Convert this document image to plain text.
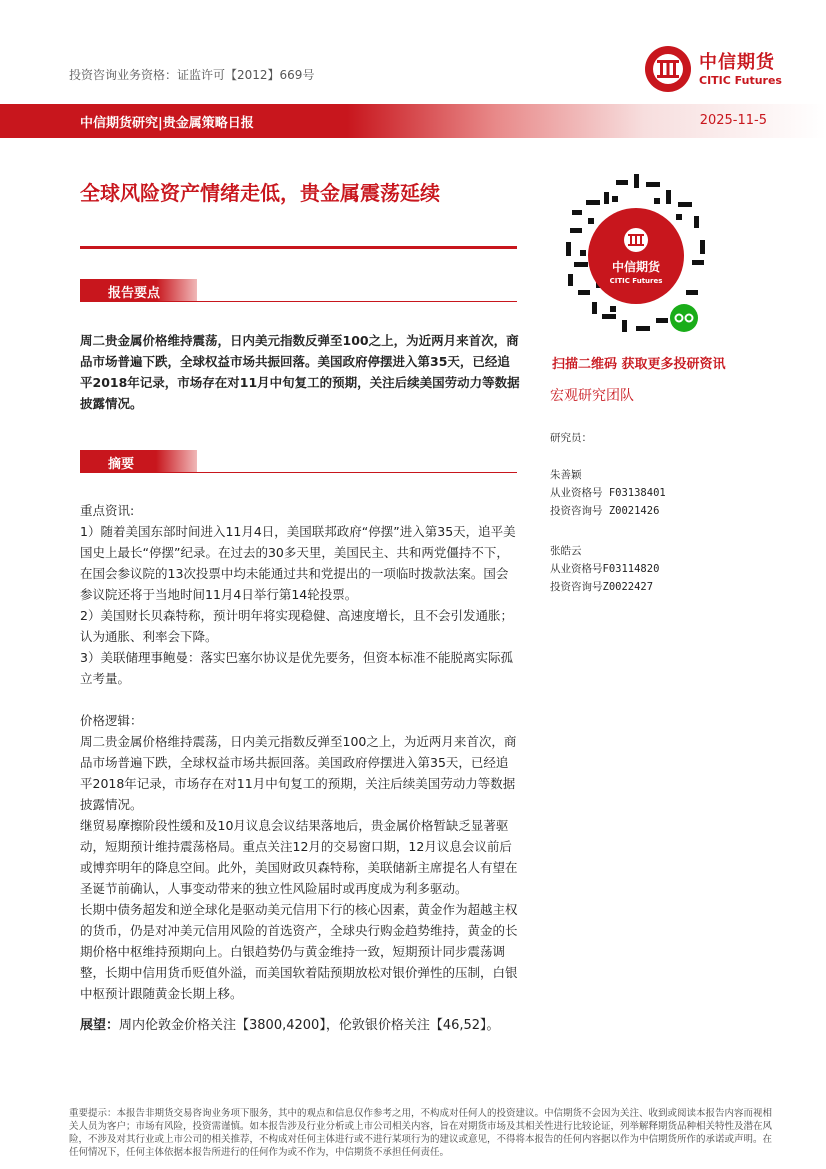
投资咨询业务资格：证监许可【2012】669号
中信期货
CITIC Futures
中信期货研究|贵金属策略日报	2025-11-5
全球风险资产情绪走低，贵金属震荡延续
报告要点
周二贵金属价格维持震荡，日内美元指数反弹至100之上，为近两月来首次，商品市场普遍下跌，全球权益市场共振回落。美国政府停摆进入第35天，已经追平2018年记录，市场存在对11月中旬复工的预期，关注后续美国劳动力等数据披露情况。
摘要

重点资讯:

1）随着美国东部时间进入11月4日，美国联邦政府“停摆”进入第35天，追平美国史上最长“停摆”纪录。在过去的30多天里，美国民主、共和两党僵持不下，在国会参议院的13次投票中均未能通过共和党提出的一项临时拨款法案。国会参议院还将于当地时间11月4日举行第14轮投票。

2）美国财长贝森特称，预计明年将实现稳健、高速度增长，且不会引发通胀；认为通胀、利率会下降。

3）美联储理事鲍曼：落实巴塞尔协议是优先要务，但资本标准不能脱离实际孤立考量。

价格逻辑：

周二贵金属价格维持震荡，日内美元指数反弹至100之上，为近两月来首次，商品市场普遍下跌，全球权益市场共振回落。美国政府停摆进入第35天，已经追平2018年记录，市场存在对11月中旬复工的预期，关注后续美国劳动力等数据披露情况。

继贸易摩擦阶段性缓和及10月议息会议结果落地后，贵金属价格暂缺乏显著驱动，短期预计维持震荡格局。重点关注12月的交易窗口期，12月议息会议前后或博弈明年的降息空间。此外，美国财政贝森特称，美联储新主席提名人有望在圣诞节前确认，人事变动带来的独立性风险届时或再度成为利多驱动。

长期中债务超发和逆全球化是驱动美元信用下行的核心因素，黄金作为超越主权的货币，仍是对冲美元信用风险的首选资产，全球央行购金趋势维持，黄金的长期价格中枢维持预期向上。白银趋势仍与黄金维持一致，短期预计同步震荡调整，长期中信用货币贬值外溢，而美国软着陆预期放松对银价弹性的压制，白银中枢预计跟随黄金长期上移。

展望：周内伦敦金价格关注【3800,4200】，伦敦银价格关注【46,52】。

中信期货
CITIC Futures
扫描二维码 获取更多投研资讯
宏观研究团队
研究员：
朱善颖
从业资格号 F03138401
投资咨询号 Z0021426
张皓云
从业资格号F03114820
投资咨询号Z0022427
重要提示：本报告非期货交易咨询业务项下服务，其中的观点和信息仅作参考之用，不构成对任何人的投资建议。中信期货不会因为关注、收到或阅读本报告内容而视相关人员为客户；市场有风险，投资需谨慎。如本报告涉及行业分析或上市公司相关内容，旨在对期货市场及其相关性进行比较论证，列举解释期货品种相关特性及潜在风险，不涉及对其行业或上市公司的相关推荐，不构成对任何主体进行或不进行某项行为的建议或意见，不得将本报告的任何内容据以作为中信期货所作的承诺或声明。在任何情况下，任何主体依据本报告所进行的任何作为或不作为，中信期货不承担任何责任。
